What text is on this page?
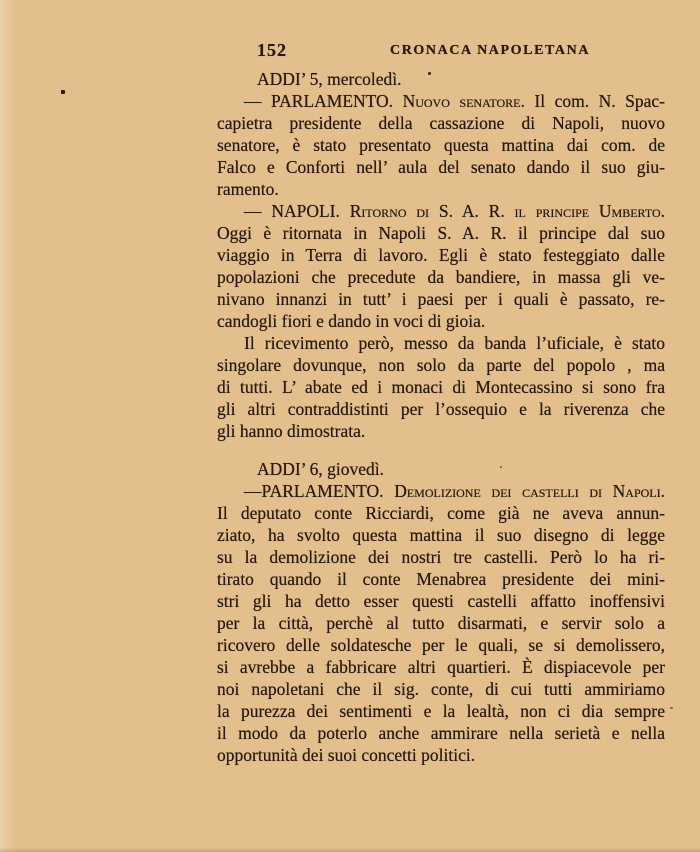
152	CRONACA NAPOLETANA
ADDI’ 5, mercoledì.
— PARLAMENTO. Nuovo senatore. Il com. N. Spac-
capietra presidente della cassazione di Napoli, nuovo
senatore, è stato presentato questa mattina dai com. de
Falco e Conforti nell’ aula del senato dando il suo giu-
ramento.
— NAPOLI. Ritorno di S. A. R. il principe Umberto.
Oggi è ritornata in Napoli S. A. R. il principe dal suo
viaggio in Terra di lavoro. Egli è stato festeggiato dalle
popolazioni che precedute da bandiere, in massa gli ve-
nivano innanzi in tutt’ i paesi per i quali è passato, re-
candogli fiori e dando in voci di gioia.
Il ricevimento però, messo da banda l’uficiale, è stato
singolare dovunque, non solo da parte del popolo , ma
di tutti. L’ abate ed i monaci di Montecassino si sono fra
gli altri contraddistinti per l’ossequio e la riverenza che
gli hanno dimostrata.
ADDI’ 6, giovedì.
—PARLAMENTO. Demolizione dei castelli di Napoli.
Il deputato conte Ricciardi, come già ne aveva annun-
ziato, ha svolto questa mattina il suo disegno di legge
su la demolizione dei nostri tre castelli. Però lo ha ri-
tirato quando il conte Menabrea presidente dei mini-
stri gli ha detto esser questi castelli affatto inoffensivi
per la città, perchè al tutto disarmati, e servir solo a
ricovero delle soldatesche per le quali, se si demolissero,
si avrebbe a fabbricare altri quartieri. È dispiacevole per
noi napoletani che il sig. conte, di cui tutti ammiriamo
la purezza dei sentimenti e la lealtà, non ci dia sempre
il modo da poterlo anche ammirare nella serietà e nella
opportunità dei suoi concetti politici.
